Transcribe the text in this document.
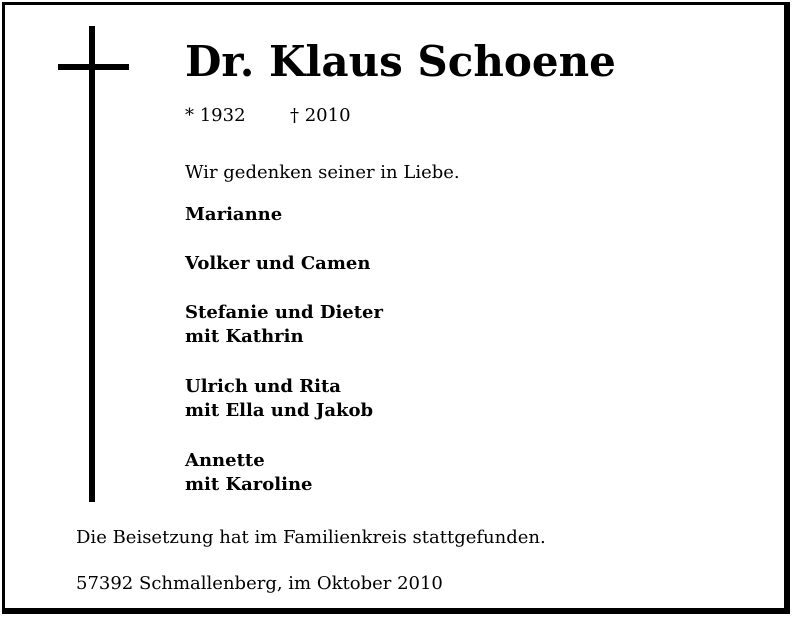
Dr. Klaus Schoene
* 1932 † 2010
Wir gedenken seiner in Liebe.
Marianne
Volker und Camen
Stefanie und Dieter
mit Kathrin
Ulrich und Rita
mit Ella und Jakob
Annette
mit Karoline
Die Beisetzung hat im Familienkreis stattgefunden.
57392 Schmallenberg, im Oktober 2010
